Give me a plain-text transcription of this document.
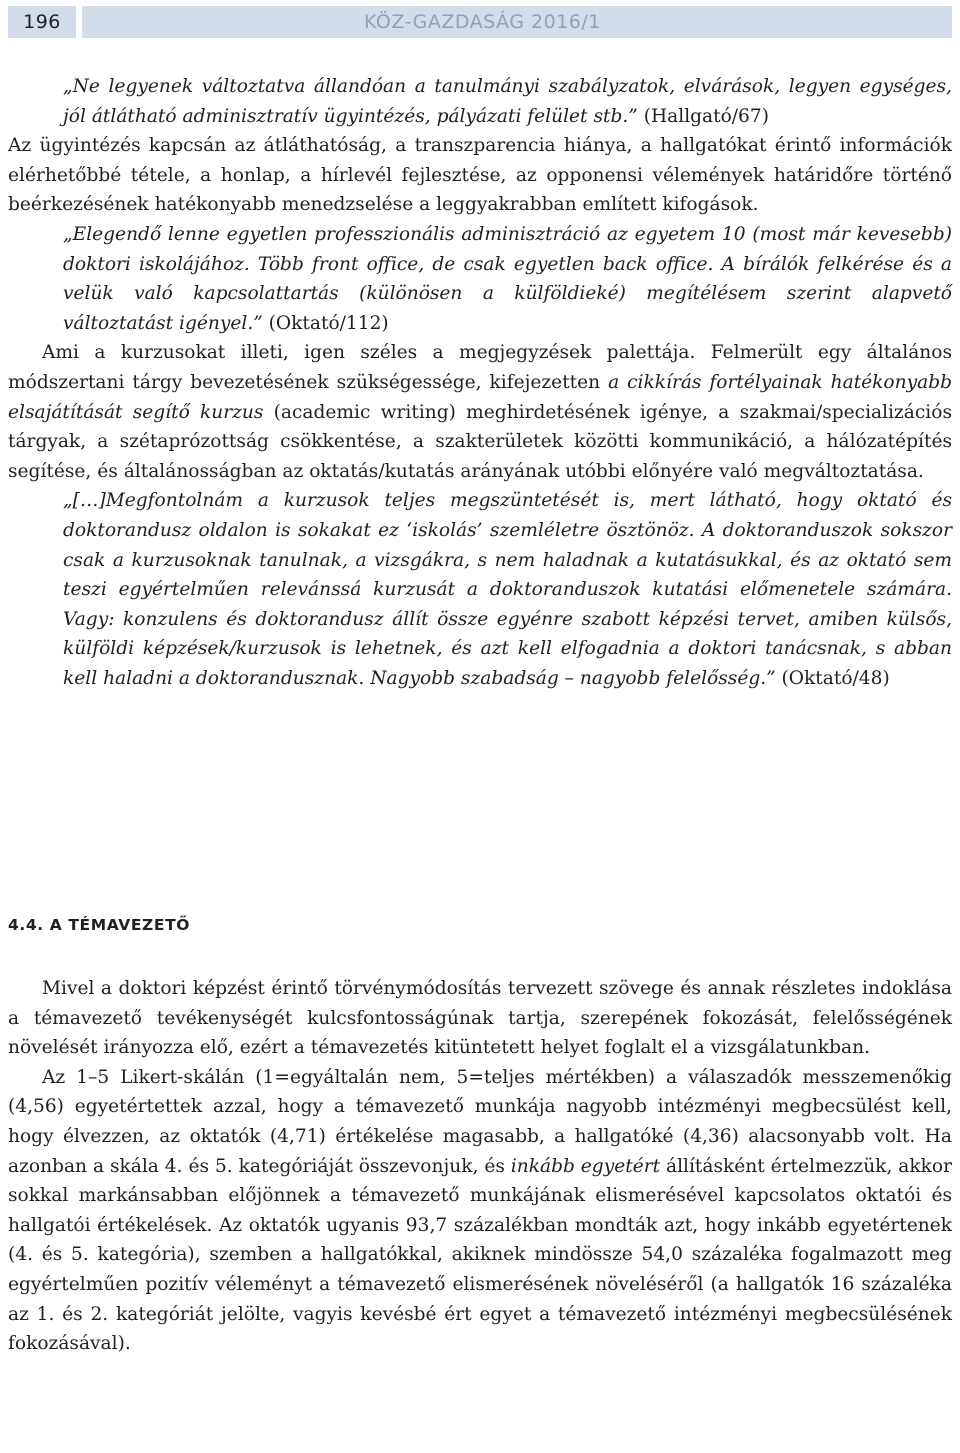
196	KÖZ-GAZDASÁG 2016/1

„Ne legyenek változtatva állandóan a tanulmányi szabályzatok, elvárások, legyen egységes, jól átlátható adminisztratív ügyintézés, pályázati felület stb.” (Hallgató/67)

Az ügyintézés kapcsán az átláthatóság, a transzparencia hiánya, a hallgatókat érintő információk elérhetőbbé tétele, a honlap, a hírlevél fejlesztése, az opponensi vélemények határidőre történő beérkezésének hatékonyabb menedzselése a leggyakrabban említett kifogások.

„Elegendő lenne egyetlen professzionális adminisztráció az egyetem 10 (most már kevesebb) doktori iskolájához. Több front office, de csak egyetlen back office. A bírálók felkérése és a velük való kapcsolattartás (különösen a külföldieké) megítélésem szerint alapvető változtatást igényel.” (Oktató/112)

Ami a kurzusokat illeti, igen széles a megjegyzések palettája. Felmerült egy általános módszertani tárgy bevezetésének szükségessége, kifejezetten a cikkírás fortélyainak hatékonyabb elsajátítását segítő kurzus (academic writing) meghirdetésének igénye, a szakmai/specializációs tárgyak, a szétaprózottság csökkentése, a szakterületek közötti kommunikáció, a hálózatépítés segítése, és általánosságban az oktatás/kutatás arányának utóbbi előnyére való megváltoztatása.

„[…]Megfontolnám a kurzusok teljes megszüntetését is, mert látható, hogy oktató és doktorandusz oldalon is sokakat ez ‘iskolás’ szemléletre ösztönöz. A doktoranduszok sokszor csak a kurzusoknak tanulnak, a vizsgákra, s nem haladnak a kutatásukkal, és az oktató sem teszi egyértelműen relevánssá kurzusát a doktoranduszok kutatási előmenetele számára. Vagy: konzulens és doktorandusz állít össze egyénre szabott képzési tervet, amiben külsős, külföldi képzések/kurzusok is lehetnek, és azt kell elfogadnia a doktori tanácsnak, s abban kell haladni a doktorandusznak. Nagyobb szabadság – nagyobb felelősség.” (Oktató/48)

4.4. A TÉMAVEZETŐ

Mivel a doktori képzést érintő törvénymódosítás tervezett szövege és annak részletes indoklása a témavezető tevékenységét kulcsfontosságúnak tartja, szerepének fokozását, felelősségének növelését irányozza elő, ezért a témavezetés kitüntetett helyet foglalt el a vizsgálatunkban.

Az 1–5 Likert-skálán (1=egyáltalán nem, 5=teljes mértékben) a válaszadók messzemenőkig (4,56) egyetértettek azzal, hogy a témavezető munkája nagyobb intézményi megbecsülést kell, hogy élvezzen, az oktatók (4,71) értékelése magasabb, a hallgatóké (4,36) alacsonyabb volt. Ha azonban a skála 4. és 5. kategóriáját összevonjuk, és inkább egyetért állításként értelmezzük, akkor sokkal markánsabban előjönnek a témavezető munkájának elismerésével kapcsolatos oktatói és hallgatói értékelések. Az oktatók ugyanis 93,7 százalékban mondták azt, hogy inkább egyetértenek (4. és 5. kategória), szemben a hallgatókkal, akiknek mindössze 54,0 százaléka fogalmazott meg egyértelműen pozitív véleményt a témavezető elismerésének növeléséről (a hallgatók 16 százaléka az 1. és 2. kategóriát jelölte, vagyis kevésbé ért egyet a témavezető intézményi megbecsülésének fokozásával).
